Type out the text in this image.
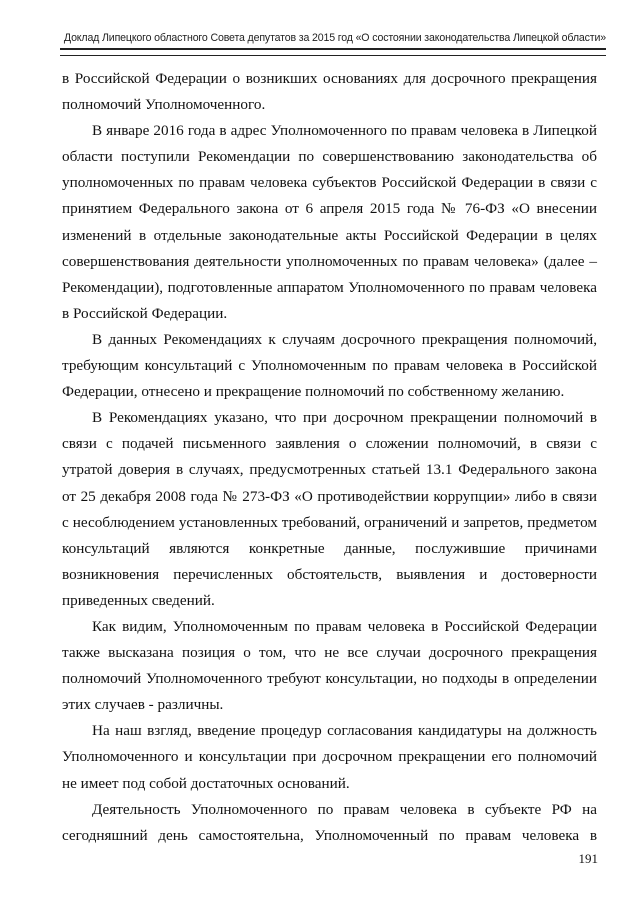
Доклад Липецкого областного Совета депутатов за 2015 год «О состоянии законодательства Липецкой области»

в Российской Федерации о возникших основаниях для досрочного прекращения полномочий Уполномоченного.

В январе 2016 года в адрес Уполномоченного по правам человека в Липецкой области поступили Рекомендации по совершенствованию законодательства об уполномоченных по правам человека субъектов Российской Федерации в связи с принятием Федерального закона от 6 апреля 2015 года № 76-ФЗ «О внесении изменений в отдельные законодательные акты Российской Федерации в целях совершенствования деятельности уполномоченных по правам человека» (далее – Рекомендации), подготовленные аппаратом Уполномоченного по правам человека в Российской Федерации.

В данных Рекомендациях к случаям досрочного прекращения полномочий, требующим консультаций с Уполномоченным по правам человека в Российской Федерации, отнесено и прекращение полномочий по собственному желанию.

В Рекомендациях указано, что при досрочном прекращении полномочий в связи с подачей письменного заявления о сложении полномочий, в связи с утратой доверия в случаях, предусмотренных статьей 13.1 Федерального закона от 25 декабря 2008 года № 273-ФЗ «О противодействии коррупции» либо в связи с несоблюдением установленных требований, ограничений и запретов, предметом консультаций являются конкретные данные, послужившие причинами возникновения перечисленных обстоятельств, выявления и достоверности приведенных сведений.

Как видим, Уполномоченным по правам человека в Российской Федерации также высказана позиция о том, что не все случаи досрочного прекращения полномочий Уполномоченного требуют консультации, но подходы в определении этих случаев - различны.

На наш взгляд, введение процедур согласования кандидатуры на должность Уполномоченного и консультации при досрочном прекращении его полномочий не имеет под собой достаточных оснований.

Деятельность Уполномоченного по правам человека в субъекте РФ на сегодняшний день самостоятельна, Уполномоченный по правам человека в

191
